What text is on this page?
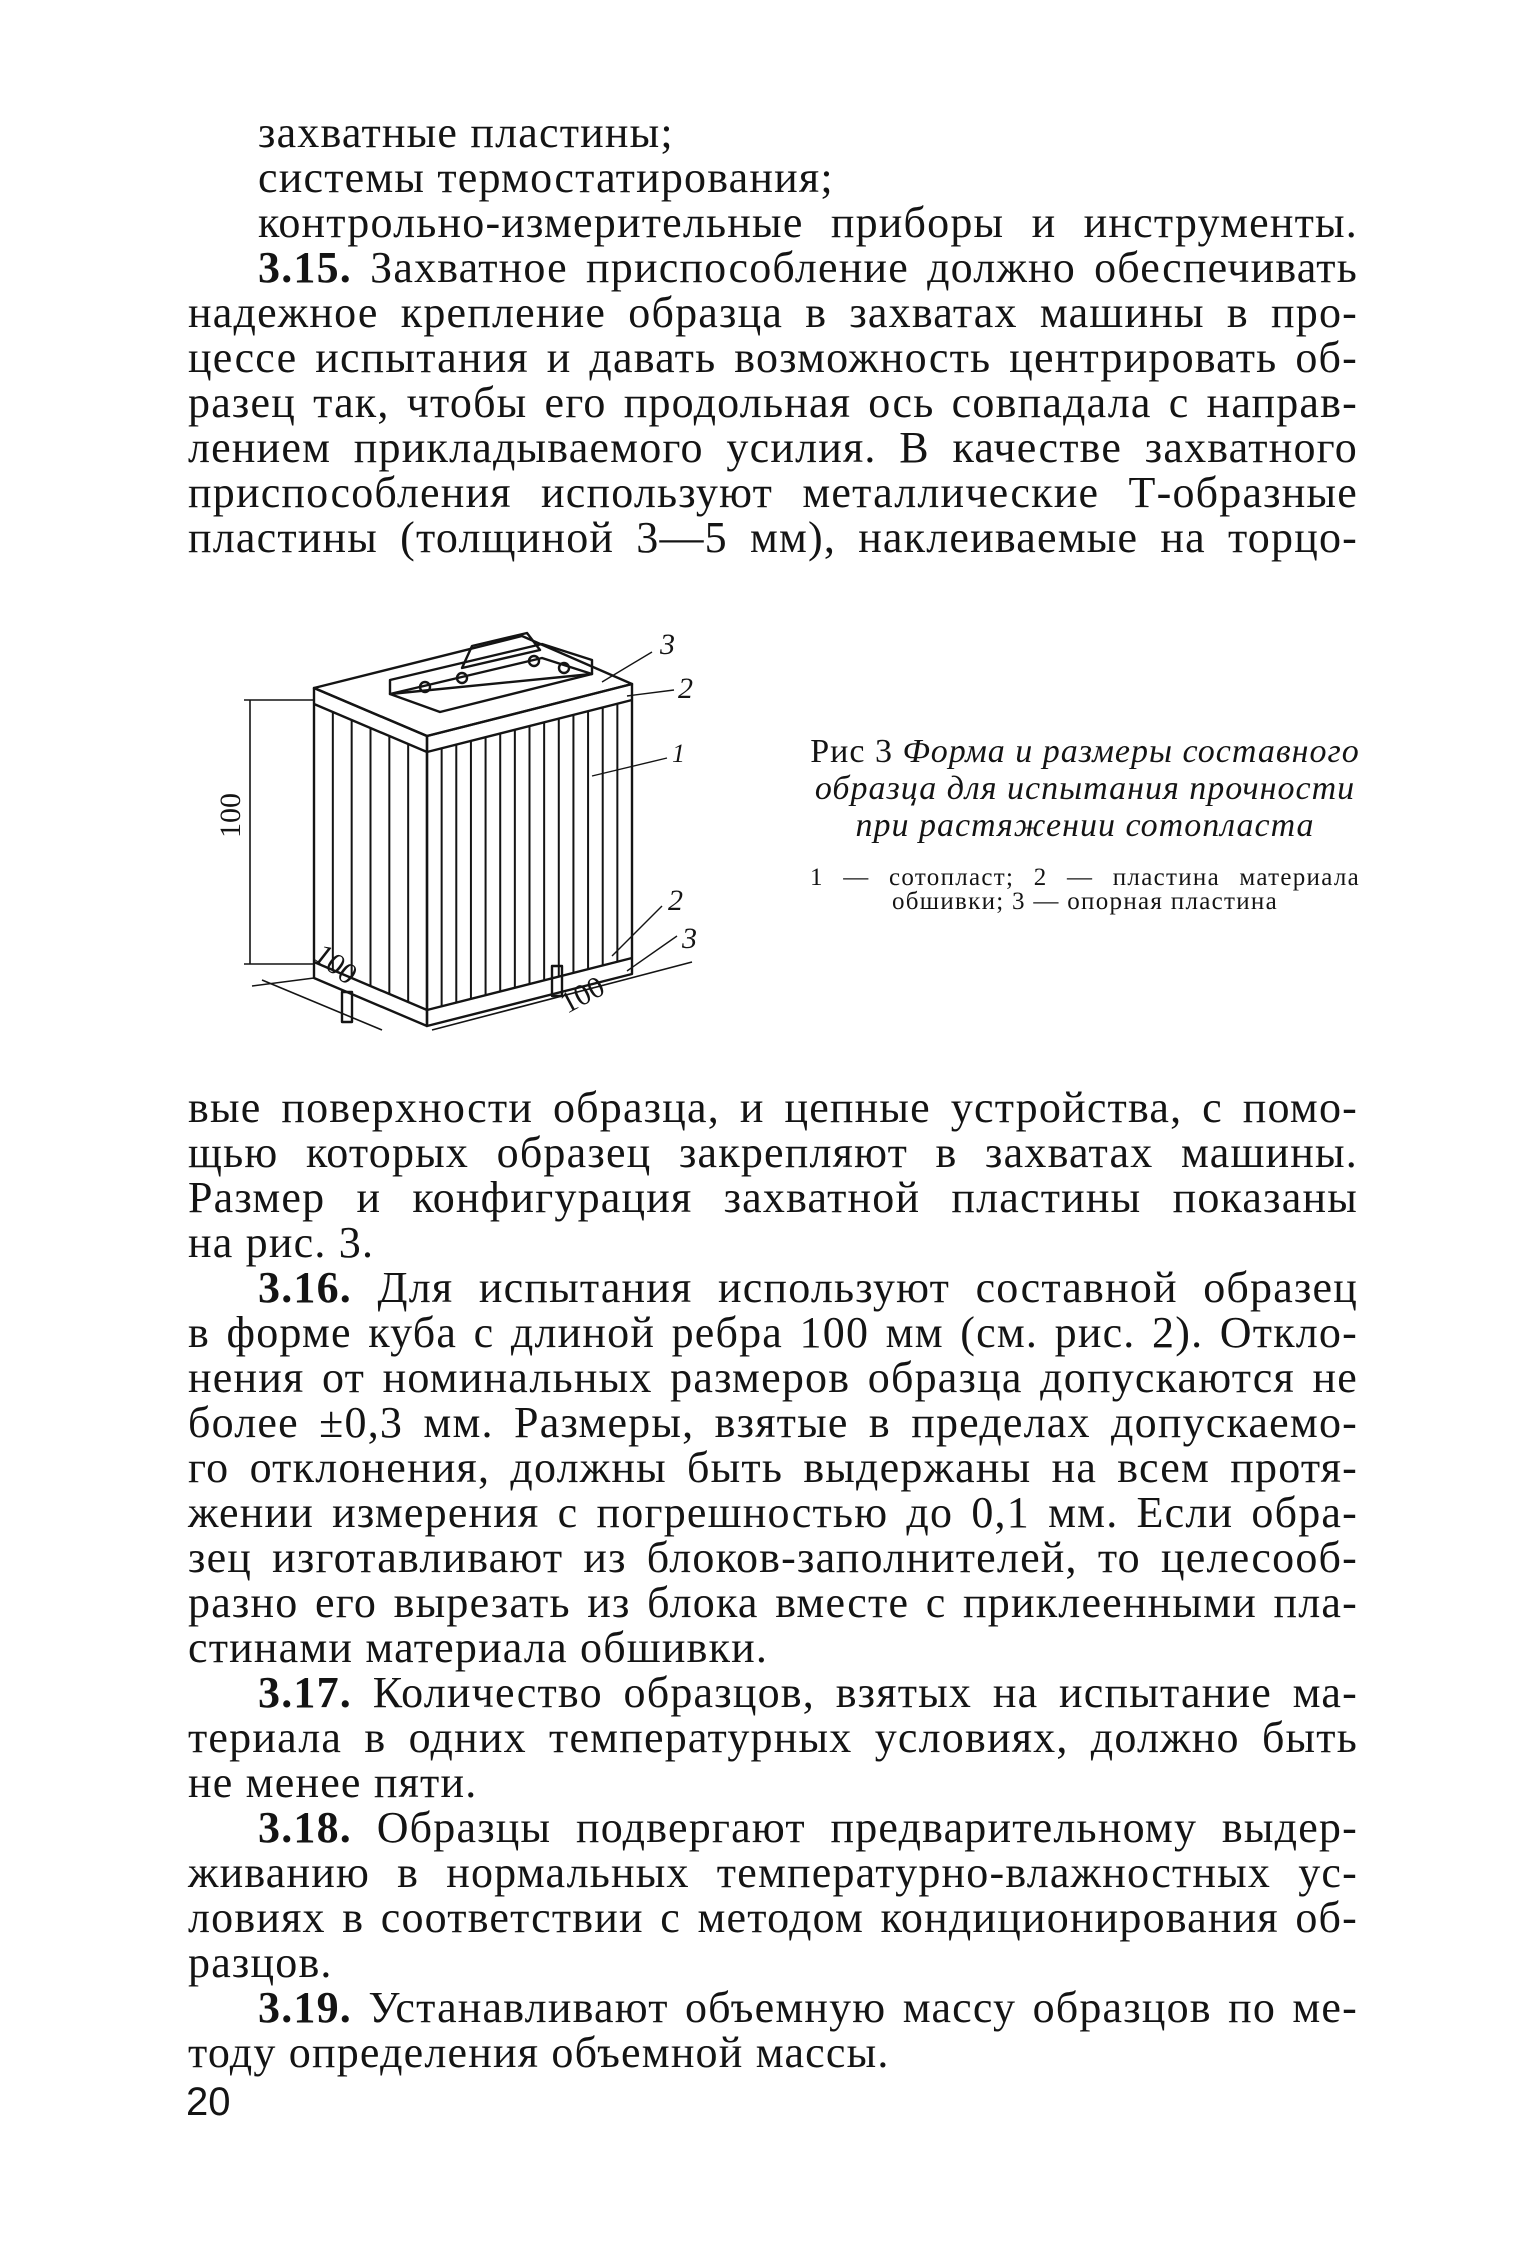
захватные пластины;
системы термостатирования;
контрольно-измерительные приборы и инструменты.
3.15. Захватное приспособление должно обеспечивать
надежное крепление образца в захватах машины в про-
цессе испытания и давать возможность центрировать об-
разец так, чтобы его продольная ось совпадала с направ-
лением прикладываемого усилия. В качестве захватного
приспособления используют металлические Т-образные
пластины (толщиной 3—5 мм), наклеиваемые на торцо-
3
2
1
2
3
100
100
100
Рис 3 Форма и размеры составного образца для испытания прочности при растяжении сотопласта
1 — сотопласт; 2 — пластина материала обшивки; 3 — опорная пластина
вые поверхности образца, и цепные устройства, с помо-
щью которых образец закрепляют в захватах машины.
Размер и конфигурация захватной пластины показаны
на рис. 3.
3.16. Для испытания используют составной образец
в форме куба с длиной ребра 100 мм (см. рис. 2). Откло-
нения от номинальных размеров образца допускаются не
более ±0,3 мм. Размеры, взятые в пределах допускаемо-
го отклонения, должны быть выдержаны на всем протя-
жении измерения с погрешностью до 0,1 мм. Если обра-
зец изготавливают из блоков-заполнителей, то целесооб-
разно его вырезать из блока вместе с приклеенными пла-
стинами материала обшивки.
3.17. Количество образцов, взятых на испытание ма-
териала в одних температурных условиях, должно быть
не менее пяти.
3.18. Образцы подвергают предварительному выдер-
живанию в нормальных температурно-влажностных ус-
ловиях в соответствии с методом кондиционирования об-
разцов.
3.19. Устанавливают объемную массу образцов по ме-
тоду определения объемной массы.
20
